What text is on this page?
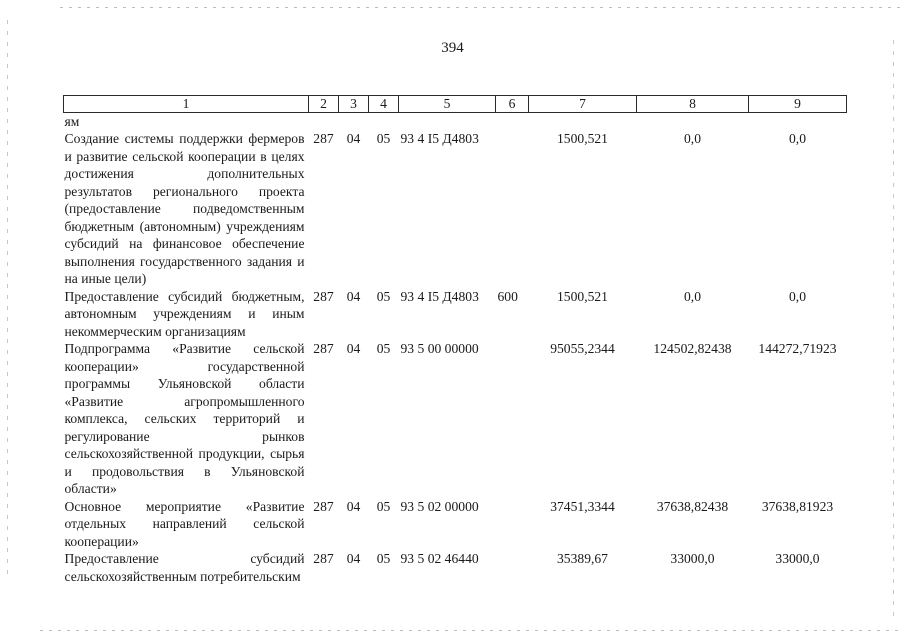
394
1	2	3	4	5	6	7	8	9
ям								
Создание системы поддержки фермеров и развитие сельской кооперации в целях достижения дополнительных результатов регионального проекта (предоставление подведомственным бюджетным (автономным) учреждениям субсидий на финансовое обеспечение выполнения государственного задания и на иные цели)	287	04	05	93 4 I5 Д4803		1500,521	0,0	0,0
Предоставление субсидий бюджетным, автономным учреждениям и иным некоммерческим организациям	287	04	05	93 4 I5 Д4803	600	1500,521	0,0	0,0
Подпрограмма «Развитие сельской кооперации» государственной программы Ульяновской области «Развитие агропромышленного комплекса, сельских территорий и регулирование рынков сельскохозяйственной продукции, сырья и продовольствия в Ульяновской области»	287	04	05	93 5 00 00000		95055,2344	124502,82438	144272,71923
Основное мероприятие «Развитие отдельных направлений сельской кооперации»	287	04	05	93 5 02 00000		37451,3344	37638,82438	37638,81923
Предоставление субсидий сельскохозяйственным потребительским	287	04	05	93 5 02 46440		35389,67	33000,0	33000,0
